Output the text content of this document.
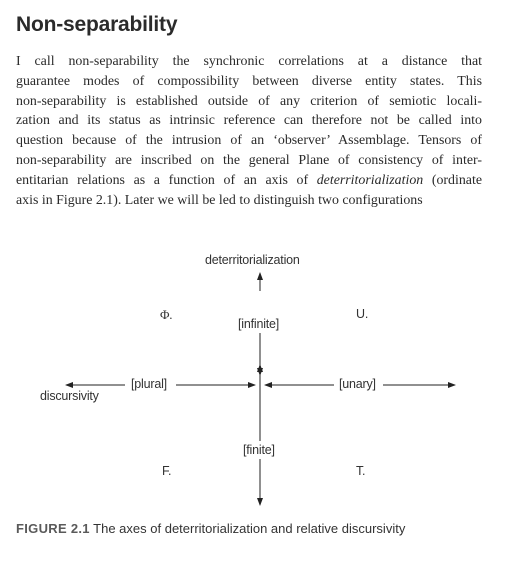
Non-separability
I call non-separability the synchronic correlations at a distance that
guarantee modes of compossibility between diverse entity states. This
non-separability is established outside of any criterion of semiotic locali-
zation and its status as intrinsic reference can therefore not be called into
question because of the intrusion of an ‘observer’ Assemblage. Tensors of
non-separability are inscribed on the general Plane of consistency of inter-
entitarian relations as a function of an axis of deterritorialization (ordinate
axis in Figure 2.1). Later we will be led to distinguish two configurations
deterritorialization
[infinite]
[finite]
[plural]	[unary]
discursivity
Φ.	U.
F.	T.
FIGURE 2.1 The axes of deterritorialization and relative discursivity
